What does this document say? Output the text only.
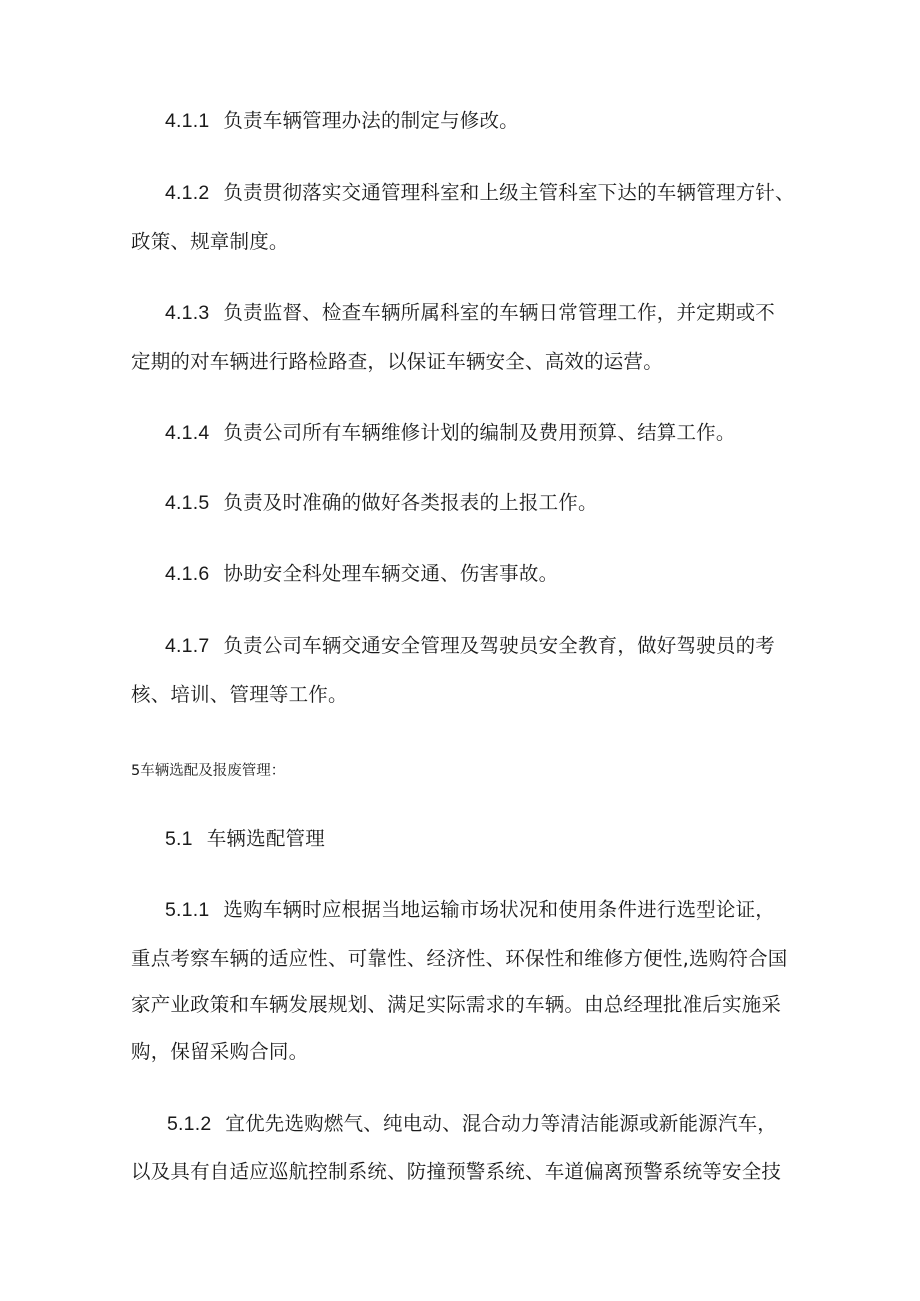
4.1.1 负责车辆管理办法的制定与修改。
4.1.2 负责贯彻落实交通管理科室和上级主管科室下达的车辆管理方针、
政策、规章制度。
4.1.3 负责监督、检查车辆所属科室的车辆日常管理工作，并定期或不
定期的对车辆进行路检路查，以保证车辆安全、高效的运营。
4.1.4 负责公司所有车辆维修计划的编制及费用预算、结算工作。
4.1.5 负责及时准确的做好各类报表的上报工作。
4.1.6 协助安全科处理车辆交通、伤害事故。
4.1.7 负责公司车辆交通安全管理及驾驶员安全教育，做好驾驶员的考
核、培训、管理等工作。
5车辆选配及报废管理：
5.1 车辆选配管理
5.1.1 选购车辆时应根据当地运输市场状况和使用条件进行选型论证，
重点考察车辆的适应性、可靠性、经济性、环保性和维修方便性,选购符合国
家产业政策和车辆发展规划、满足实际需求的车辆。由总经理批准后实施采
购，保留采购合同。
5.1.2 宜优先选购燃气、纯电动、混合动力等清洁能源或新能源汽车，
以及具有自适应巡航控制系统、防撞预警系统、车道偏离预警系统等安全技
